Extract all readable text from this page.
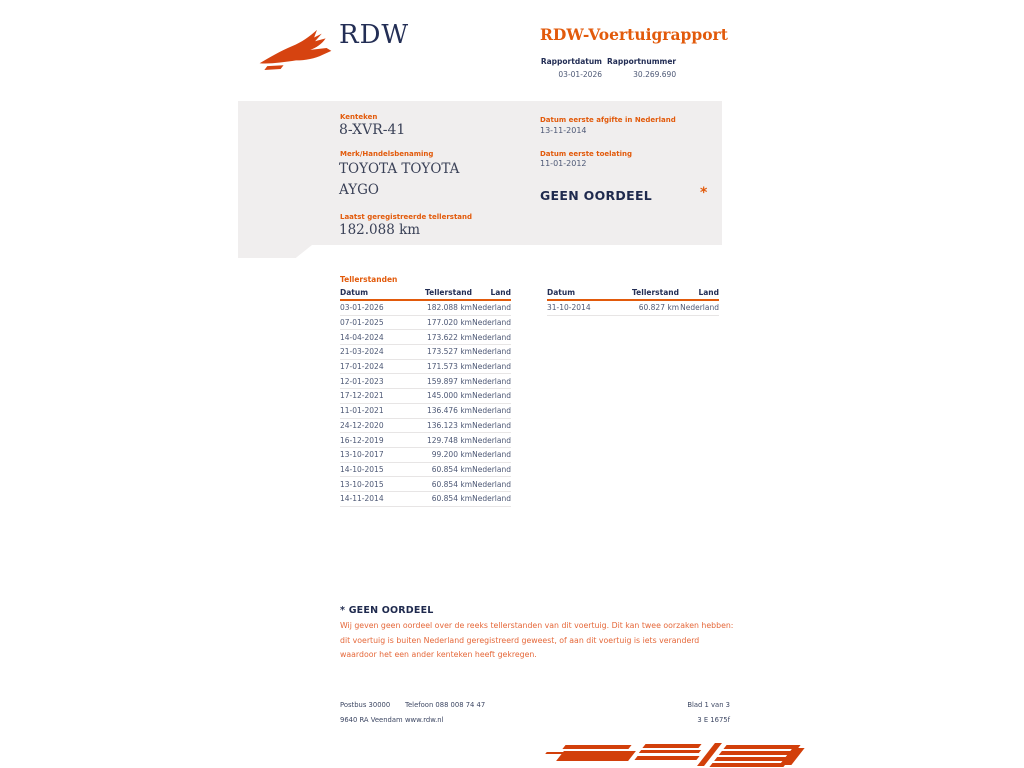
RDW	RDW-Voertuigrapport
Rapportdatum
03-01-2026
Rapportnummer
30.269.690
Kenteken
8-XVR-41
Merk/Handelsbenaming
TOYOTA TOYOTA AYGO
Laatst geregistreerde tellerstand
182.088 km
Datum eerste afgifte in Nederland
13-11-2014
Datum eerste toelating
11-01-2012
GEEN OORDEEL	*
Tellerstanden
Datum	Tellerstand	Land
03-01-2026	182.088 km Nederland
07-01-2025	177.020 km Nederland
14-04-2024	173.622 km Nederland
21-03-2024	173.527 km Nederland
17-01-2024	171.573 km Nederland
12-01-2023	159.897 km Nederland
17-12-2021	145.000 km Nederland
11-01-2021	136.476 km Nederland
24-12-2020	136.123 km Nederland
16-12-2019	129.748 km Nederland
13-10-2017	99.200 km Nederland
14-10-2015	60.854 km Nederland
13-10-2015	60.854 km Nederland
14-11-2014	60.854 km Nederland
Datum	Tellerstand	Land
31-10-2014	60.827 km Nederland
* GEEN OORDEEL

Wij geven geen oordeel over de reeks tellerstanden van dit voertuig. Dit kan twee oorzaken hebben: dit voertuig is buiten Nederland geregistreerd geweest, of aan dit voertuig is iets veranderd waardoor het een ander kenteken heeft gekregen.

Postbus 30000
9640 RA Veendam
Telefoon 088 008 74 47
www.rdw.nl
Blad 1 van 3
3 E 1675f
